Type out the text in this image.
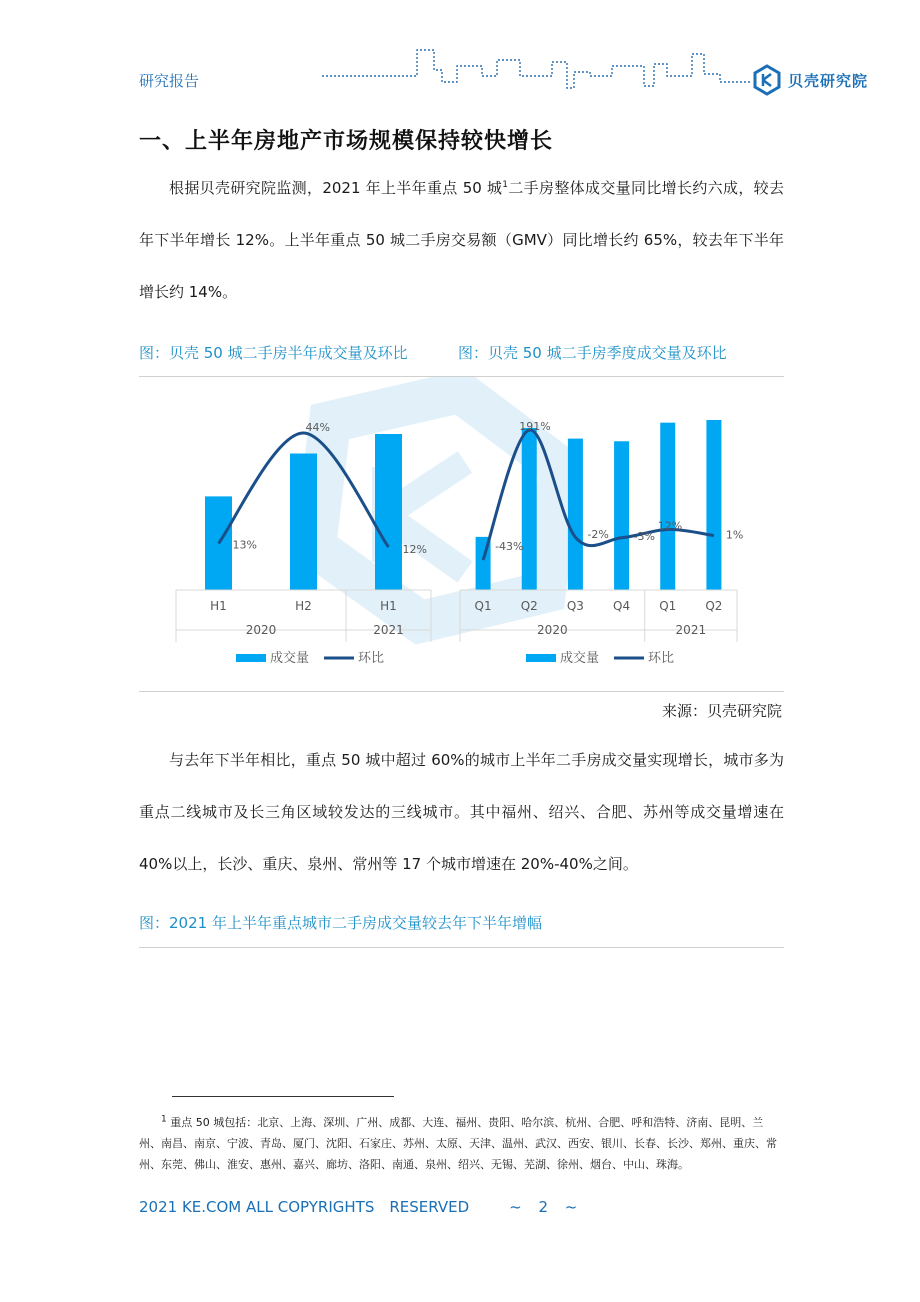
研究报告	贝壳研究院
一、上半年房地产市场规模保持较快增长

根据贝壳研究院监测，2021 年上半年重点 50 城$^1$二手房整体成交量同比增长约六成，较去年下半年增长 12%。上半年重点 50 城二手房交易额（GMV）同比增长约 65%，较去年下半年增长约 14%。

图：贝壳 50 城二手房半年成交量及环比	图：贝壳 50 城二手房季度成交量及环比
H1	H2	H1
2020	2021
13%
44%
12%
成交量	环比
Q1 Q2 Q3 Q4 Q1 Q2
2020	2021
-43%
191%
-2% -3%
12%
1%
成交量	环比
来源：贝壳研究院

与去年下半年相比，重点 50 城中超过 60%的城市上半年二手房成交量实现增长，城市多为重点二线城市及长三角区域较发达的三线城市。其中福州、绍兴、合肥、苏州等成交量增速在 40%以上，长沙、重庆、泉州、常州等 17 个城市增速在 20%-40%之间。

图：2021 年上半年重点城市二手房成交量较去年下半年增幅

$^1$ 重点 50 城包括：北京、上海、深圳、广州、成都、大连、福州、贵阳、哈尔滨、杭州、合肥、呼和浩特、济南、昆明、兰州、南昌、南京、宁波、青岛、厦门、沈阳、石家庄、苏州、太原、天津、温州、武汉、西安、银川、长春、长沙、郑州、重庆、常州、东莞、佛山、淮安、惠州、嘉兴、廊坊、洛阳、南通、泉州、绍兴、无锡、芜湖、徐州、烟台、中山、珠海。

2021 KE.COM ALL COPYRIGHTS　RESERVED	~ 2 ~
